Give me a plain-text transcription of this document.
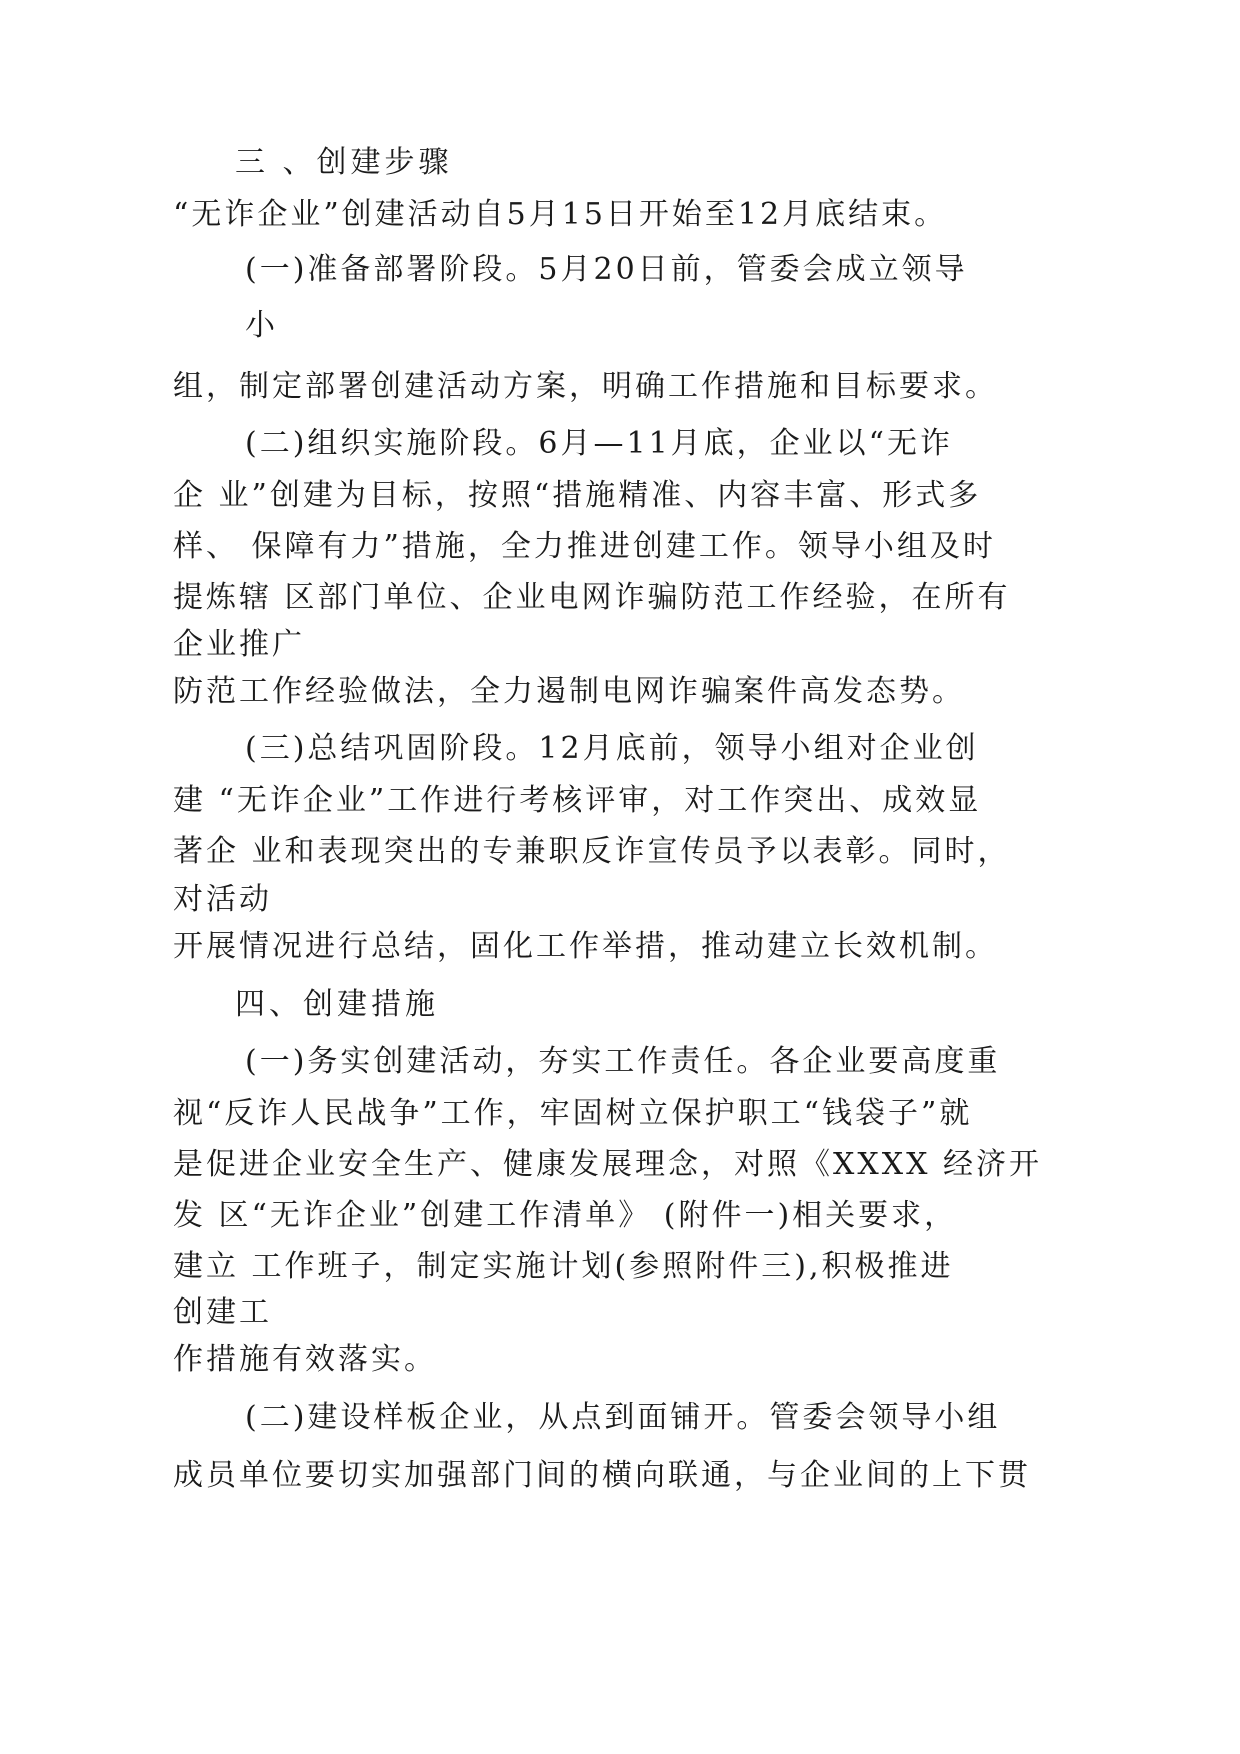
三 、创建步骤
“无诈企业”创建活动自5月15日开始至12月底结束。
(一)准备部署阶段。5月20日前，管委会成立领导
小
组，制定部署创建活动方案，明确工作措施和目标要求。
(二)组织实施阶段。6月—11月底，企业以“无诈
企 业”创建为目标，按照“措施精准、内容丰富、形式多
样、 保障有力”措施，全力推进创建工作。领导小组及时
提炼辖 区部门单位、企业电网诈骗防范工作经验，在所有
企业推广
防范工作经验做法，全力遏制电网诈骗案件高发态势。
(三)总结巩固阶段。12月底前，领导小组对企业创
建 “无诈企业”工作进行考核评审，对工作突出、成效显
著企 业和表现突出的专兼职反诈宣传员予以表彰。同时，
对活动
开展情况进行总结，固化工作举措，推动建立长效机制。
四、创建措施
(一)务实创建活动，夯实工作责任。各企业要高度重
视“反诈人民战争”工作，牢固树立保护职工“钱袋子”就
是促进企业安全生产、健康发展理念，对照《XXXX 经济开
发 区“无诈企业”创建工作清单》 (附件一)相关要求，
建立 工作班子，制定实施计划(参照附件三),积极推进
创建工
作措施有效落实。
(二)建设样板企业，从点到面铺开。管委会领导小组
成员单位要切实加强部门间的横向联通，与企业间的上下贯
